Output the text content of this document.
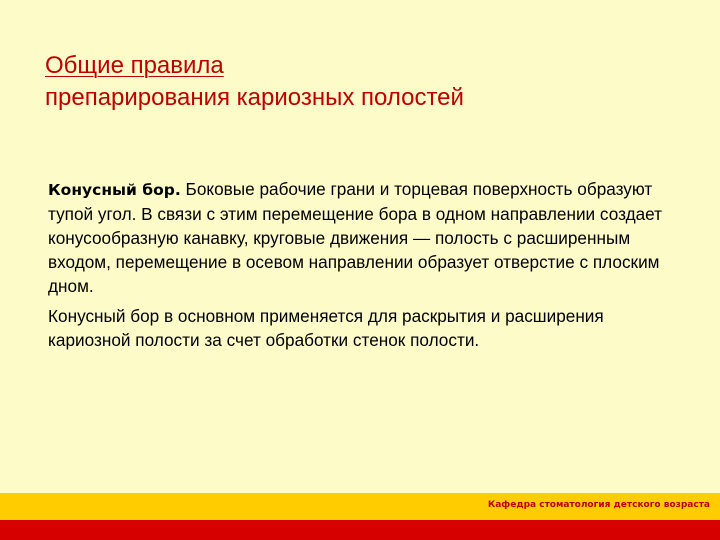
Общие правила
препарирования кариозных полостей

Конусный бор. Боковые рабочие грани и торцевая поверхность образуют тупой угол. В связи с этим перемещение бора в одном направлении создает конусообразную канавку, круговые движения — полость с расширенным входом, перемещение в осевом направлении образует отверстие с плоским дном.

Конусный бор в основном применяется для раскрытия и расширения кариозной полости за счет обработки стенок полости.

Кафедра стоматология детского возраста
